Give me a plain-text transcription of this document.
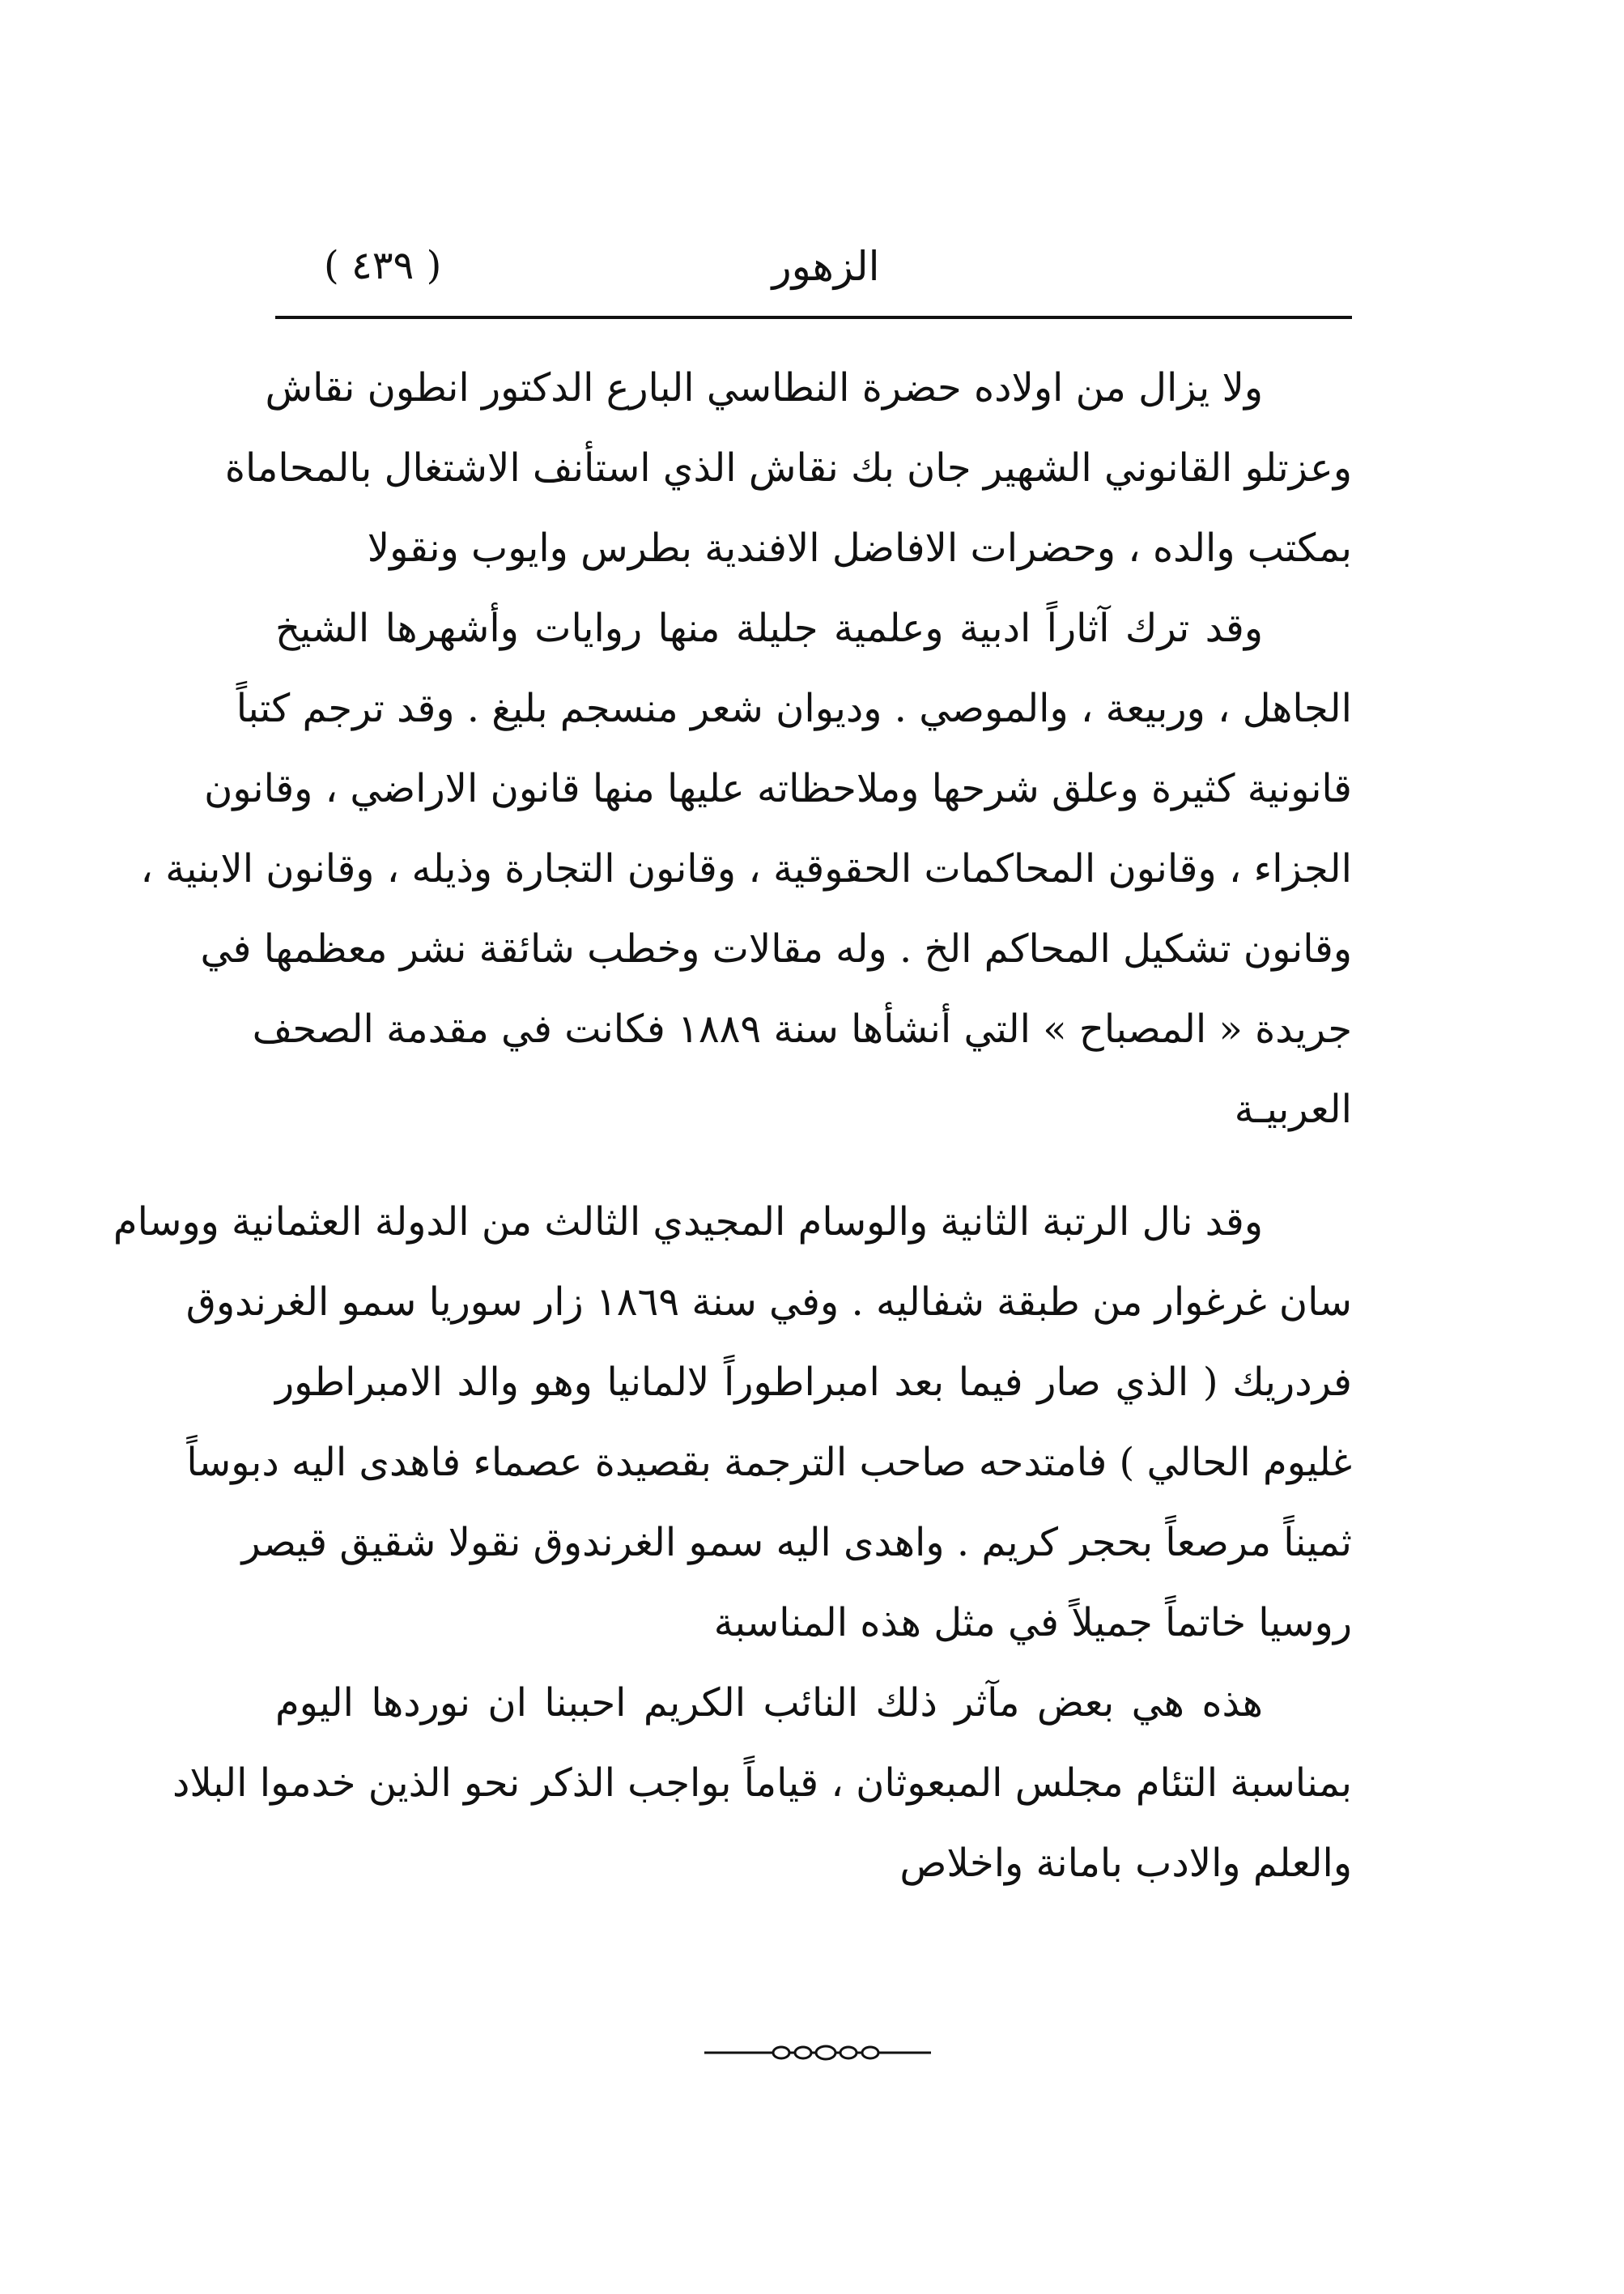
الزهور
( ٤٣٩ )
ولا يزال من اولاده حضرة النطاسي البارع الدكتور انطون نقاش
وعزتلو القانوني الشهير جان بك نقاش الذي استأنف الاشتغال بالمحاماة
بمكتب والده ، وحضرات الافاضل الافندية بطرس وايوب ونقولا
وقد ترك آثاراً ادبية وعلمية جليلة منها روايات وأشهرها الشيخ
الجاهل ، وربيعة ، والموصي . وديوان شعر منسجم بليغ . وقد ترجم كتباً
قانونية كثيرة وعلق شرحها وملاحظاته عليها منها قانون الاراضي ، وقانون
الجزاء ، وقانون المحاكمات الحقوقية ، وقانون التجارة وذيله ، وقانون الابنية ،
وقانون تشكيل المحاكم الخ . وله مقالات وخطب شائقة نشر معظمها في
جريدة « المصباح » التي أنشأها سنة ١٨٨٩ فكانت في مقدمة الصحف
العربيـة
وقد نال الرتبة الثانية والوسام المجيدي الثالث من الدولة العثمانية ووسام
سان غرغوار من طبقة شفاليه . وفي سنة ١٨٦٩ زار سوريا سمو الغرندوق
فردريك ( الذي صار فيما بعد امبراطوراً لالمانيا وهو والد الامبراطور
غليوم الحالي ) فامتدحه صاحب الترجمة بقصيدة عصماء فاهدى اليه دبوساً
ثميناً مرصعاً بحجر كريم . واهدى اليه سمو الغرندوق نقولا شقيق قيصر
روسيا خاتماً جميلاً في مثل هذه المناسبة
هذه هي بعض مآثر ذلك النائب الكريم احببنا ان نوردها اليوم
بمناسبة التئام مجلس المبعوثان ، قياماً بواجب الذكر نحو الذين خدموا البلاد
والعلم والادب بامانة واخلاص
